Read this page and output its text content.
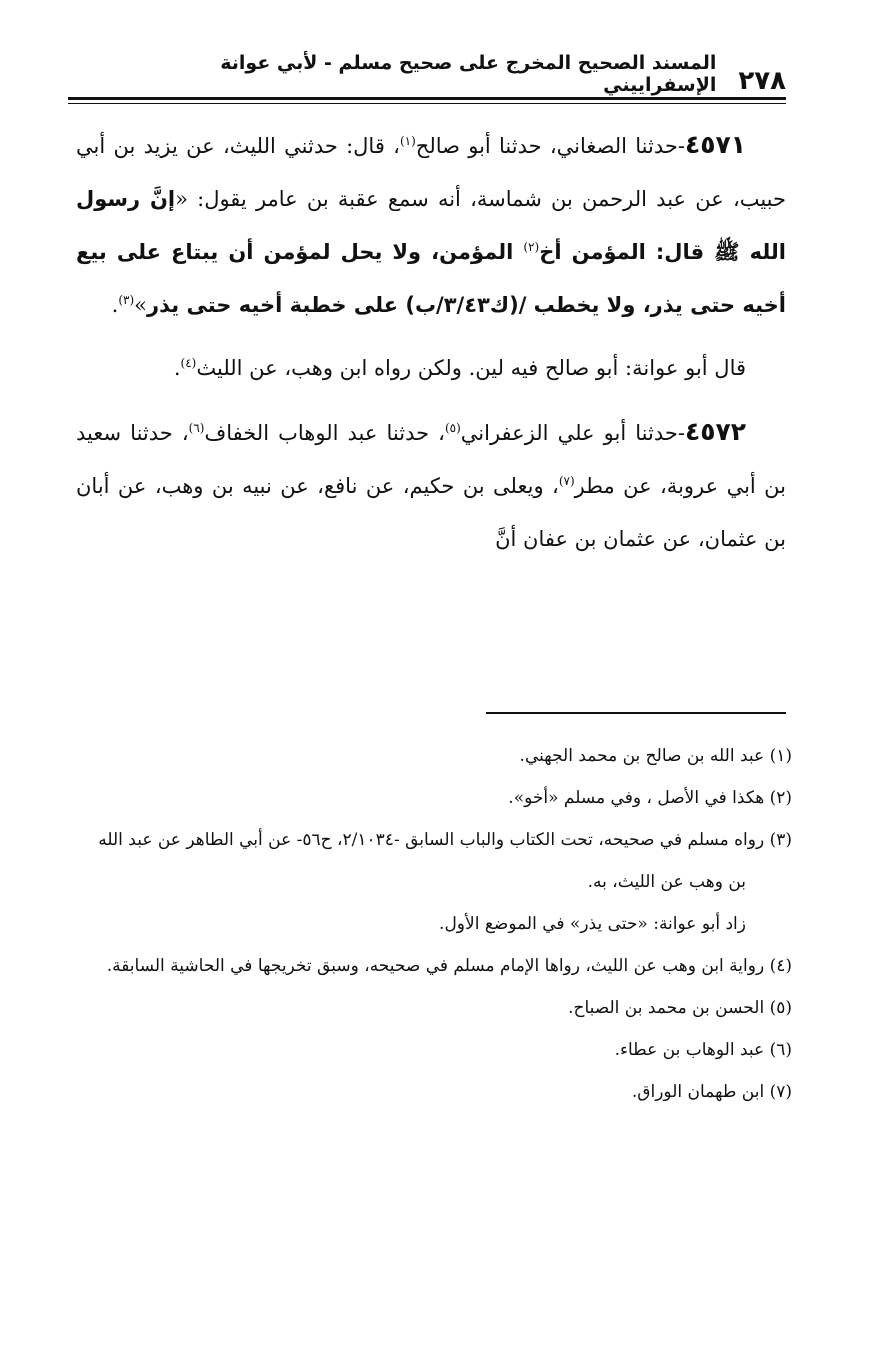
٢٧٨
المسند الصحيح المخرج على صحيح مسلم - لأبي عوانة الإسفراييني

٤٥٧١-حدثنا الصغاني، حدثنا أبو صالح$^{(١)}$، قال: حدثني الليث، عن يزيد بن أبي حبيب، عن عبد الرحمن بن شماسة، أنه سمع عقبة بن عامر يقول: «إنَّ رسول الله ﷺ قال: المؤمن أخ$^{(٢)}$ المؤمن، ولا يحل لمؤمن أن يبتاع على بيع أخيه حتى يذر، ولا يخطب /(ك٣/٤٣/ب) على خطبة أخيه حتى يذر»$^{(٣)}$.

قال أبو عوانة: أبو صالح فيه لين. ولكن رواه ابن وهب، عن الليث$^{(٤)}$.

٤٥٧٢-حدثنا أبو علي الزعفراني$^{(٥)}$، حدثنا عبد الوهاب الخفاف$^{(٦)}$، حدثنا سعيد بن أبي عروبة، عن مطر$^{(٧)}$، ويعلى بن حكيم، عن نافع، عن نبيه بن وهب، عن أبان بن عثمان، عن عثمان بن عفان أنَّ

(١) عبد الله بن صالح بن محمد الجهني.

(٢) هكذا في الأصل ، وفي مسلم «أخو».

(٣) رواه مسلم في صحيحه، تحت الكتاب والباب السابق -٢/١٠٣٤، ح٥٦- عن أبي الطاهر عن عبد الله بن وهب عن الليث، به.

زاد أبو عوانة: «حتى يذر» في الموضع الأول.

(٤) رواية ابن وهب عن الليث، رواها الإمام مسلم في صحيحه، وسبق تخريجها في الحاشية السابقة.

(٥) الحسن بن محمد بن الصباح.

(٦) عبد الوهاب بن عطاء.

(٧) ابن طهمان الوراق.
